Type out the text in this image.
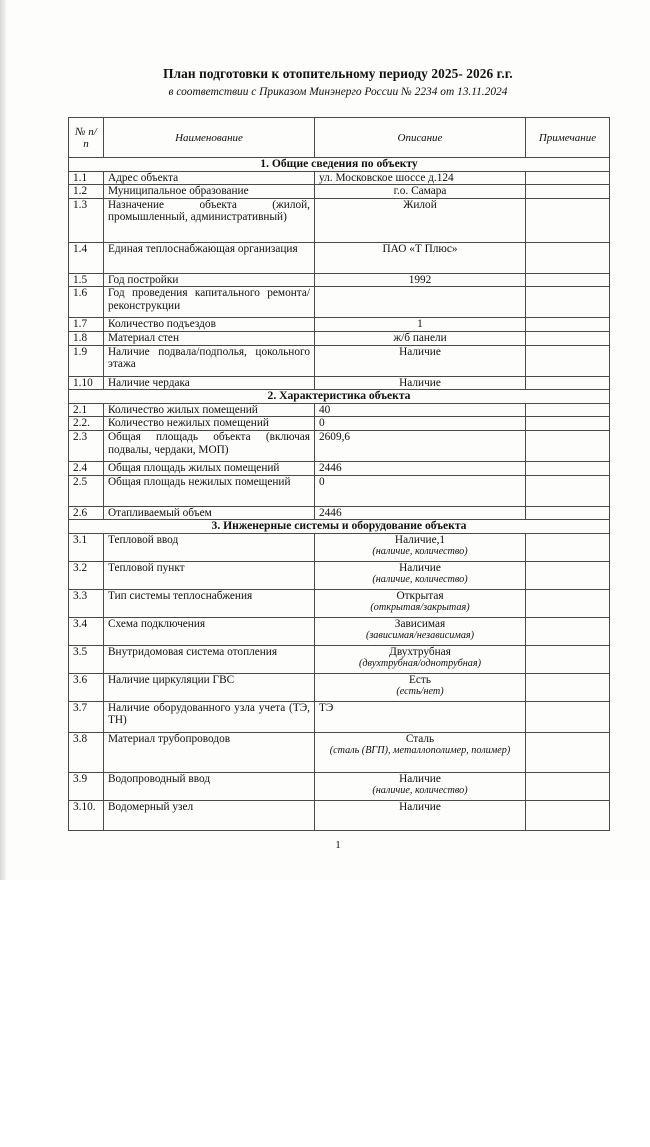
План подготовки к отопительному периоду 2025- 2026 г.г.
в соответствии с Приказом Минэнерго России № 2234 от 13.11.2024
№ п/п	Наименование	Описание	Примечание
1. Общие сведения по объекту			
1.1	Адрес объекта	ул. Московское шоссе д.124	
1.2	Муниципальное образование	г.о. Самара	
1.3	Назначение объекта (жилой, промышленный, административный)	Жилой	
1.4	Единая теплоснабжающая организация	ПАО «Т Плюс»	
1.5	Год постройки	1992	
1.6	Год проведения капитального ремонта/реконструкции		
1.7	Количество подъездов	1	
1.8	Материал стен	ж/б панели	
1.9	Наличие подвала/подполья, цокольного этажа	Наличие	
1.10	Наличие чердака	Наличие	
2. Характеристика объекта			
2.1	Количество жилых помещений	40	
2.2.	Количество нежилых помещений	0	
2.3	Общая площадь объекта (включая подвалы, чердаки, МОП)	2609,6	
2.4	Общая площадь жилых помещений	2446	
2.5	Общая площадь нежилых помещений	0	
2.6	Отапливаемый объем	2446	
3. Инженерные системы и оборудование объекта			
3.1	Тепловой ввод	Наличие,1
(наличие, количество)	

3.2	Тепловой пункт	Наличие
(наличие, количество)	

3.3	Тип системы теплоснабжения	Открытая
(открытая/закрытая)	

3.4	Схема подключения	Зависимая
(зависимая/независимая)	

3.5	Внутридомовая система отопления	Двухтрубная
(двухтрубная/однотрубная)	

3.6	Наличие циркуляции ГВС	Есть
(есть/нет)	

3.7	Наличие оборудованного узла учета (ТЭ, ТН)	ТЭ	
3.8	Материал трубопроводов	Сталь
(сталь (ВГП), металлополимер, полимер)	

3.9	Водопроводный ввод	Наличие
(наличие, количество)	

3.10.	Водомерный узел	Наличие	
1
